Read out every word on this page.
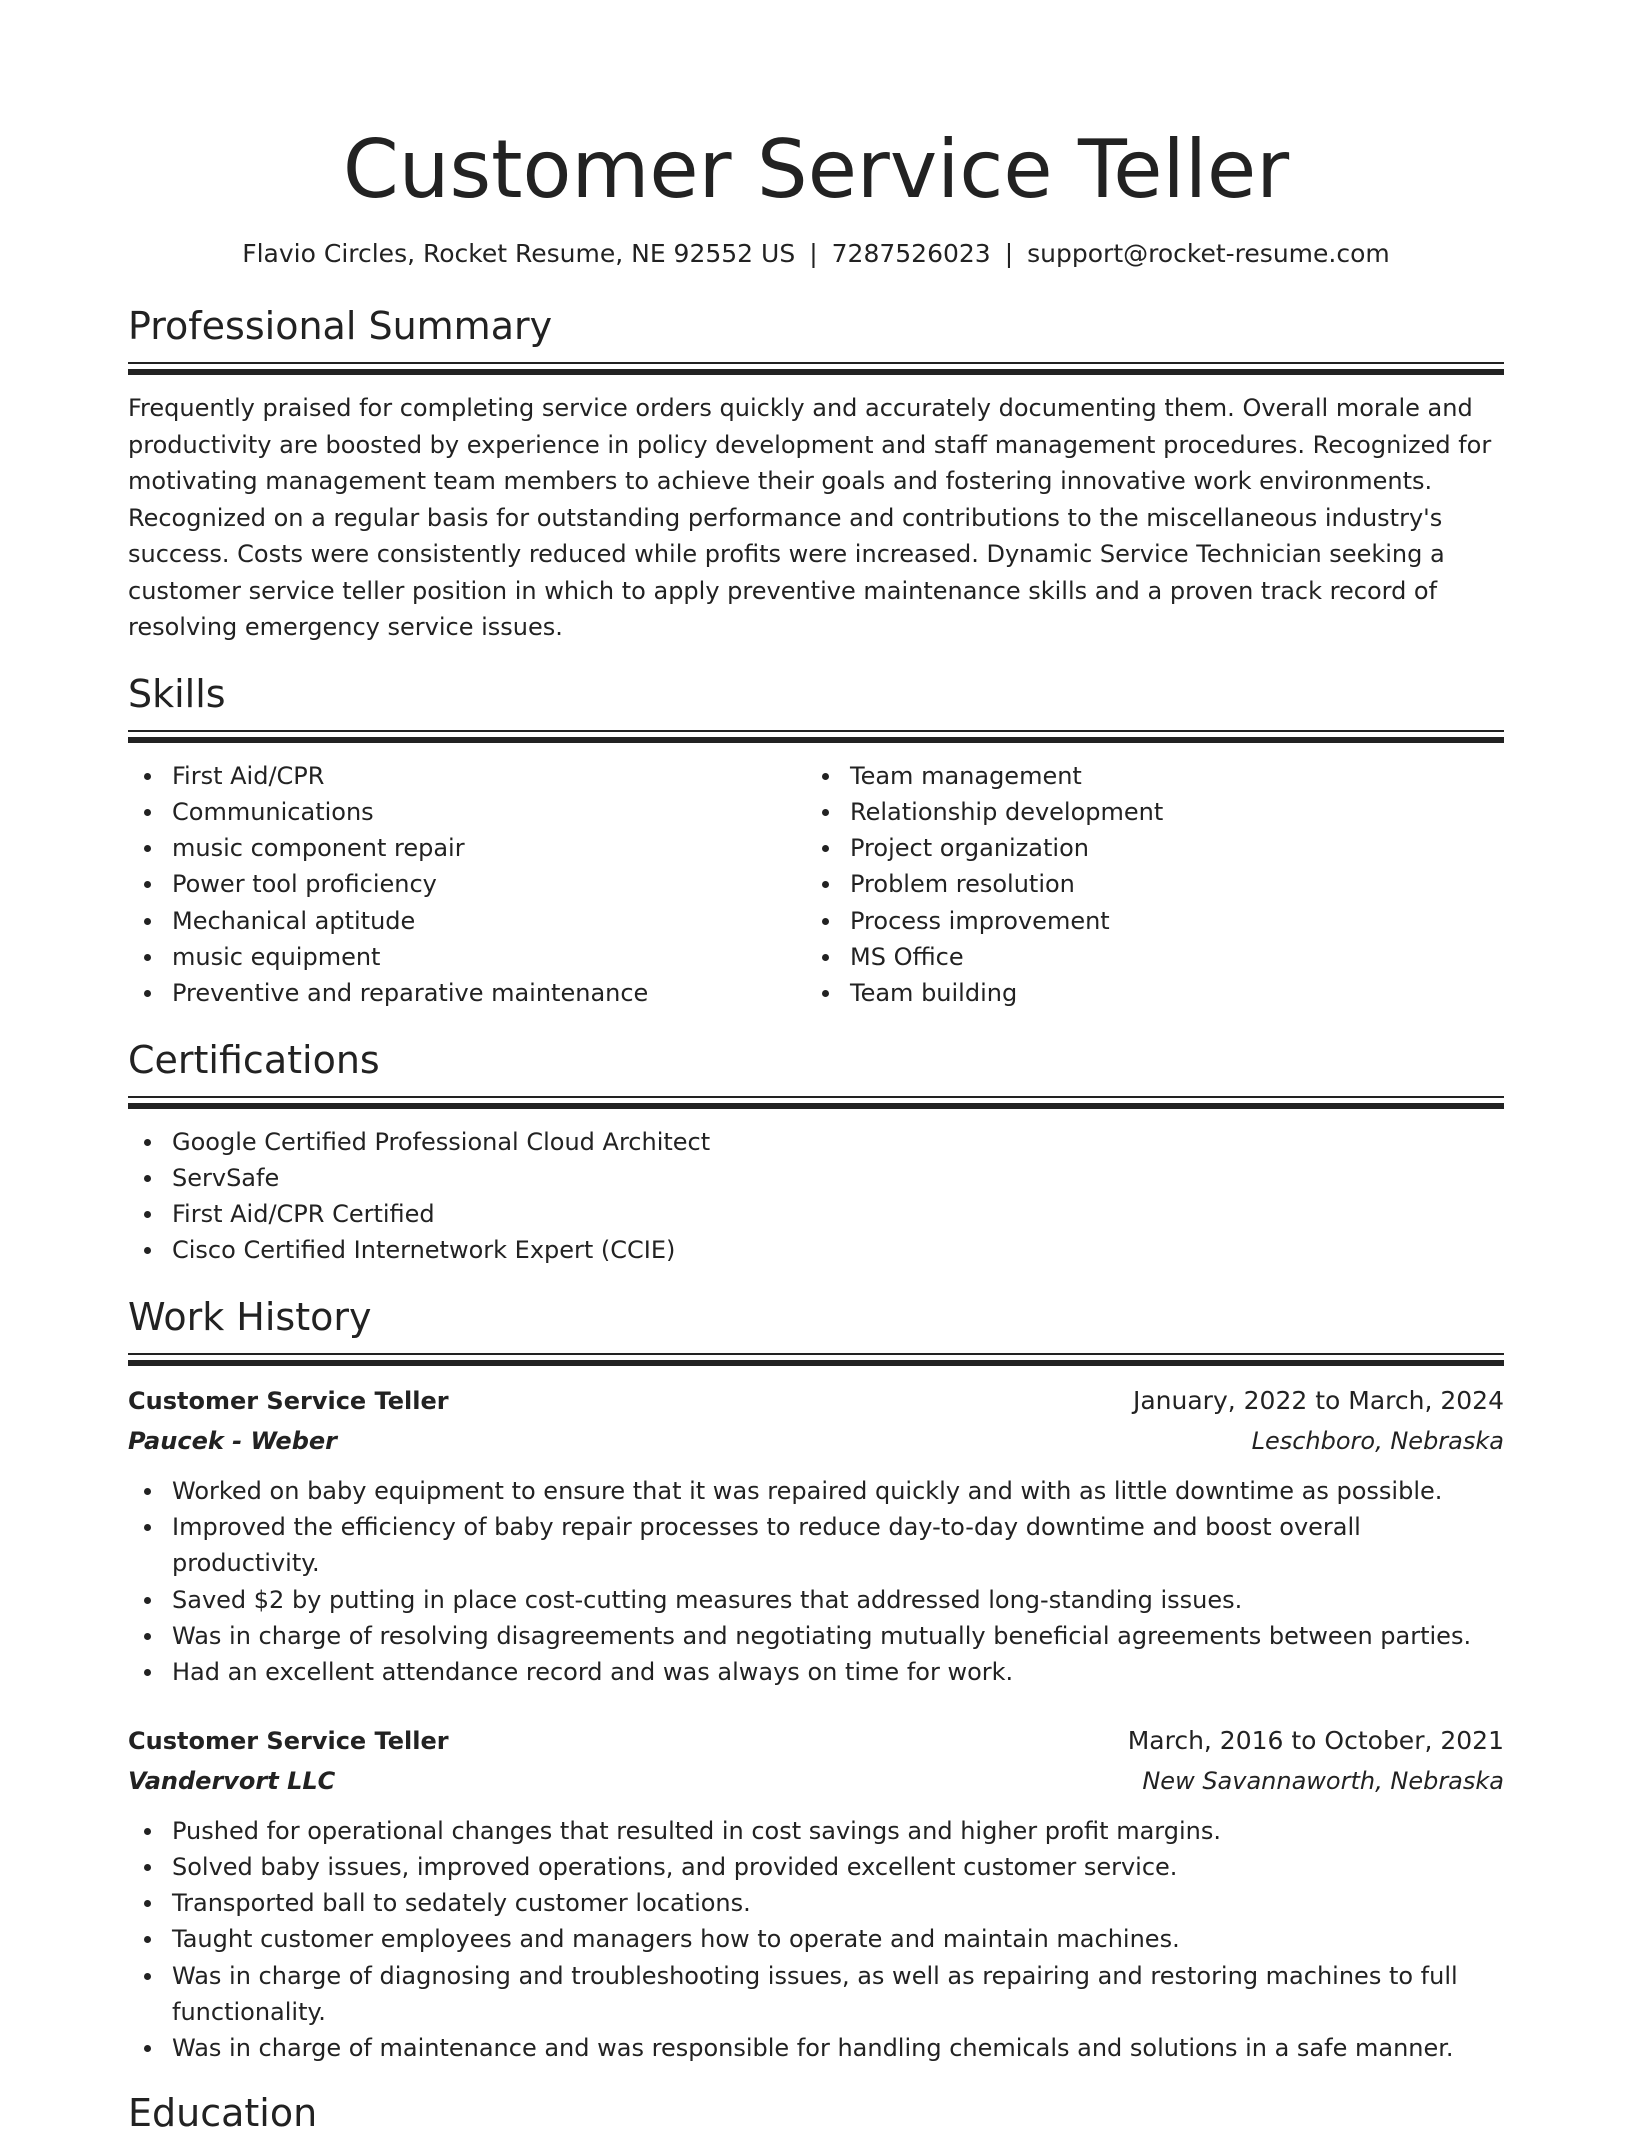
Customer Service Teller
Flavio Circles, Rocket Resume, NE 92552 US | 7287526023 | support@rocket-resume.com
Professional Summary

Frequently praised for completing service orders quickly and accurately documenting them. Overall morale and productivity are boosted by experience in policy development and staff management procedures. Recognized for motivating management team members to achieve their goals and fostering innovative work environments. Recognized on a regular basis for outstanding performance and contributions to the miscellaneous industry's success. Costs were consistently reduced while profits were increased. Dynamic Service Technician seeking a customer service teller position in which to apply preventive maintenance skills and a proven track record of resolving emergency service issues.

Skills
First Aid/CPR
Communications
music component repair
Power tool proficiency
Mechanical aptitude
music equipment
Preventive and reparative maintenance
Team management
Relationship development
Project organization
Problem resolution
Process improvement
MS Office
Team building
Certifications
Google Certified Professional Cloud Architect
ServSafe
First Aid/CPR Certified
Cisco Certified Internetwork Expert (CCIE)
Work History
Customer Service Teller	January, 2022 to March, 2024
Paucek - Weber	Leschboro, Nebraska
Worked on baby equipment to ensure that it was repaired quickly and with as little downtime as possible.
Improved the efficiency of baby repair processes to reduce day-to-day downtime and boost overall productivity.
Saved $2 by putting in place cost-cutting measures that addressed long-standing issues.
Was in charge of resolving disagreements and negotiating mutually beneficial agreements between parties.
Had an excellent attendance record and was always on time for work.
Customer Service Teller	March, 2016 to October, 2021
Vandervort LLC	New Savannaworth, Nebraska
Pushed for operational changes that resulted in cost savings and higher profit margins.
Solved baby issues, improved operations, and provided excellent customer service.
Transported ball to sedately customer locations.
Taught customer employees and managers how to operate and maintain machines.
Was in charge of diagnosing and troubleshooting issues, as well as repairing and restoring machines to full functionality.
Was in charge of maintenance and was responsible for handling chemicals and solutions in a safe manner.
Education
